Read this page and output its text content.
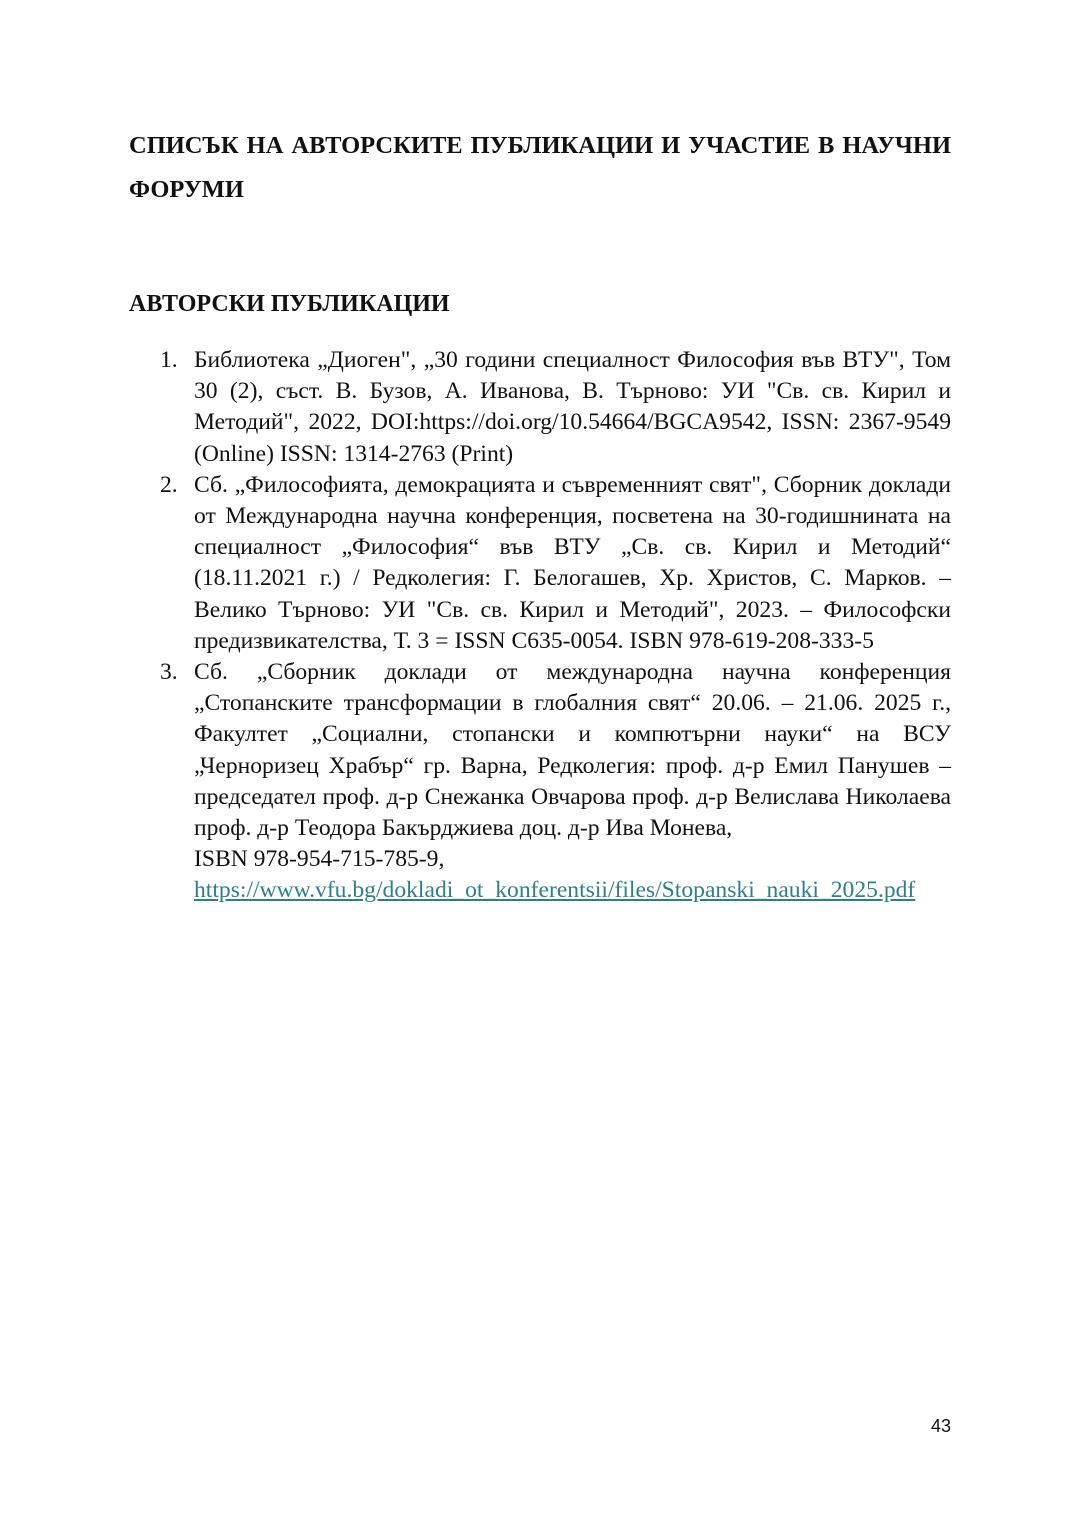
СПИСЪК НА АВТОРСКИТЕ ПУБЛИКАЦИИ И УЧАСТИЕ В НАУЧНИ ФОРУМИ
АВТОРСКИ ПУБЛИКАЦИИ
1. Библиотека „Диоген", „30 години специалност Философия във ВТУ", Том 30 (2), съст. В. Бузов, А. Иванова, В. Търново: УИ "Св. св. Кирил и Методий", 2022, DOI:https://doi.org/10.54664/BGCA9542, ISSN: 2367-9549 (Online) ISSN: 1314-2763 (Print)
2. Сб. „Философията, демокрацията и съвременният свят", Сборник доклади от Международна научна конференция, посветена на 30-годишнината на специалност „Философия“ във ВТУ „Св. св. Кирил и Методий“ (18.11.2021 г.) / Редколегия: Г. Белогашев, Хр. Христов, С. Марков. – Велико Търново: УИ "Св. св. Кирил и Методий", 2023. – Философски предизвикателства, Т. 3 = ISSN C635-0054. ISBN 978-619-208-333-5
3. Сб. „Сборник доклади от международна научна конференция „Стопанските трансформации в глобалния свят“ 20.06. – 21.06. 2025 г., Факултет „Социални, стопански и компютърни науки“ на ВСУ „Черноризец Храбър“ гр. Варна, Редколегия: проф. д-р Емил Панушев – председател проф. д-р Снежанка Овчарова проф. д-р Велислава Николаева проф. д-р Теодора Бакърджиева доц. д-р Ива Монева,
ISBN 978-954-715-785-9,
https://www.vfu.bg/dokladi_ot_konferentsii/files/Stopanski_nauki_2025.pdf
43
